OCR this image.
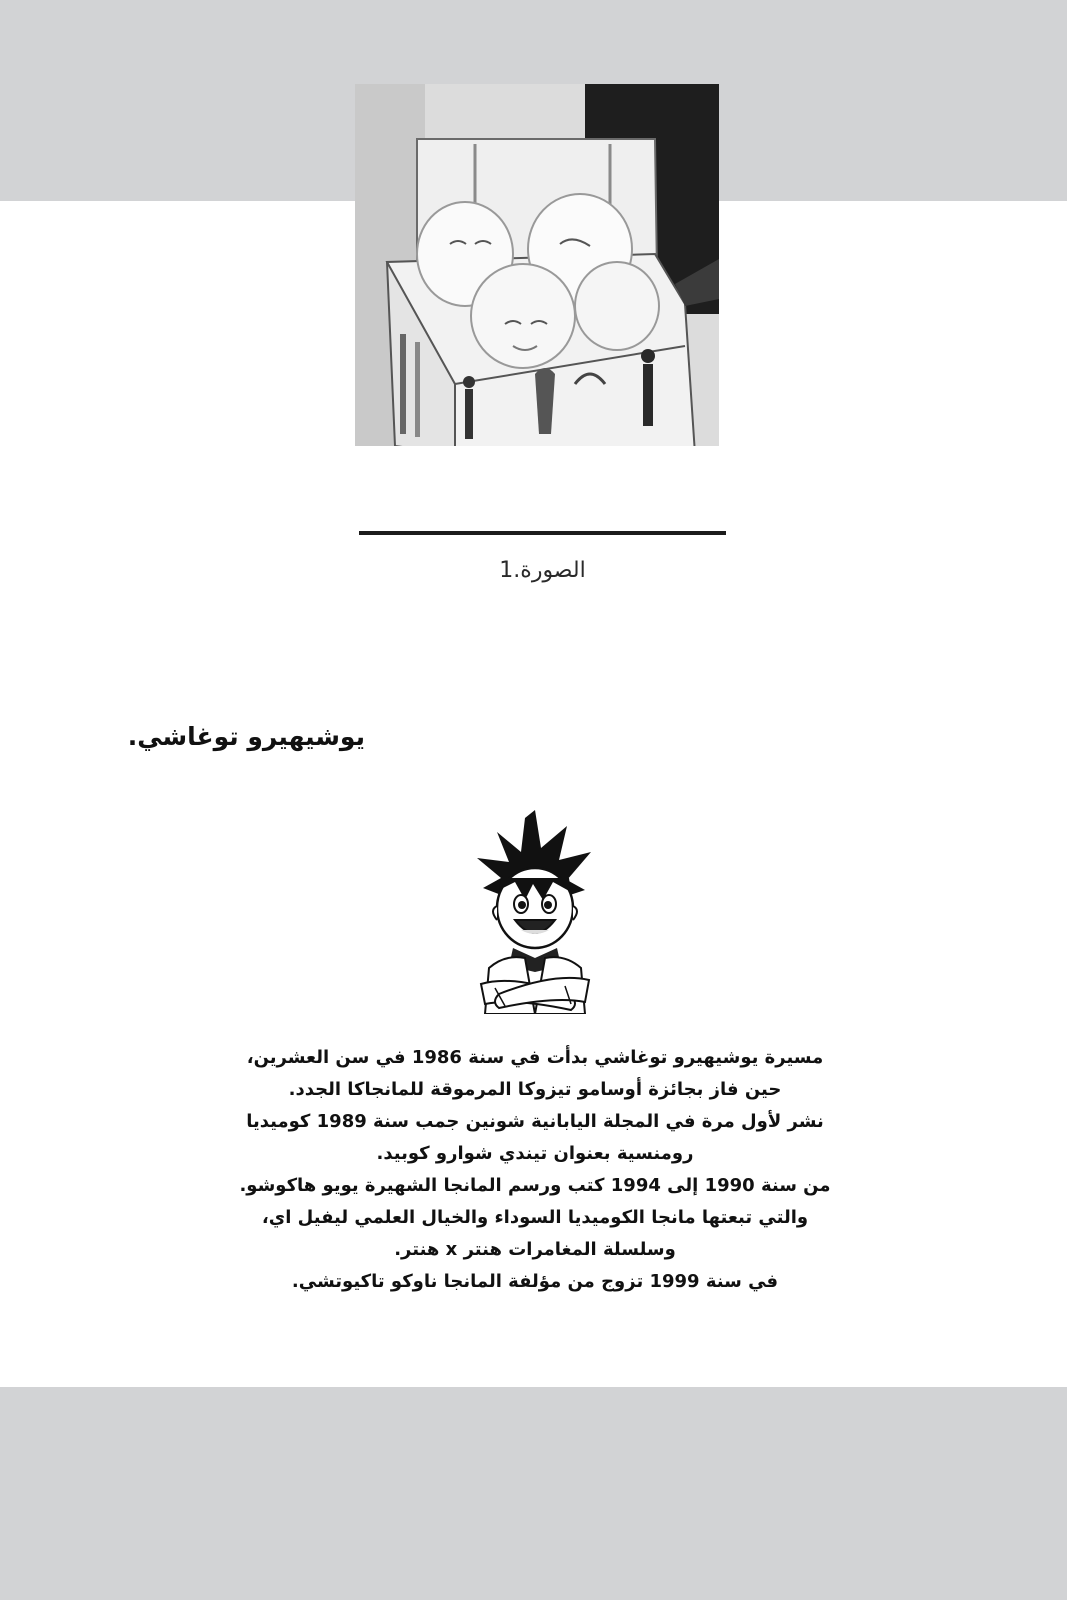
الصورة.1
يوشيهيرو توغاشي.
مسيرة يوشيهيرو توغاشي بدأت في سنة 1986 في سن العشرين،
حين فاز بجائزة أوسامو تيزوكا المرموقة للمانجاكا الجدد.
نشر لأول مرة في المجلة اليابانية شونين جمب سنة 1989 كوميديا
رومنسية بعنوان تيندي شوارو كوبيد.
من سنة 1990 إلى 1994 كتب ورسم المانجا الشهيرة يويو هاكوشو.
والتي تبعتها مانجا الكوميديا السوداء والخيال العلمي ليفيل اي،
وسلسلة المغامرات هنتر x هنتر.
في سنة 1999 تزوج من مؤلفة المانجا ناوكو تاكيوتشي.
